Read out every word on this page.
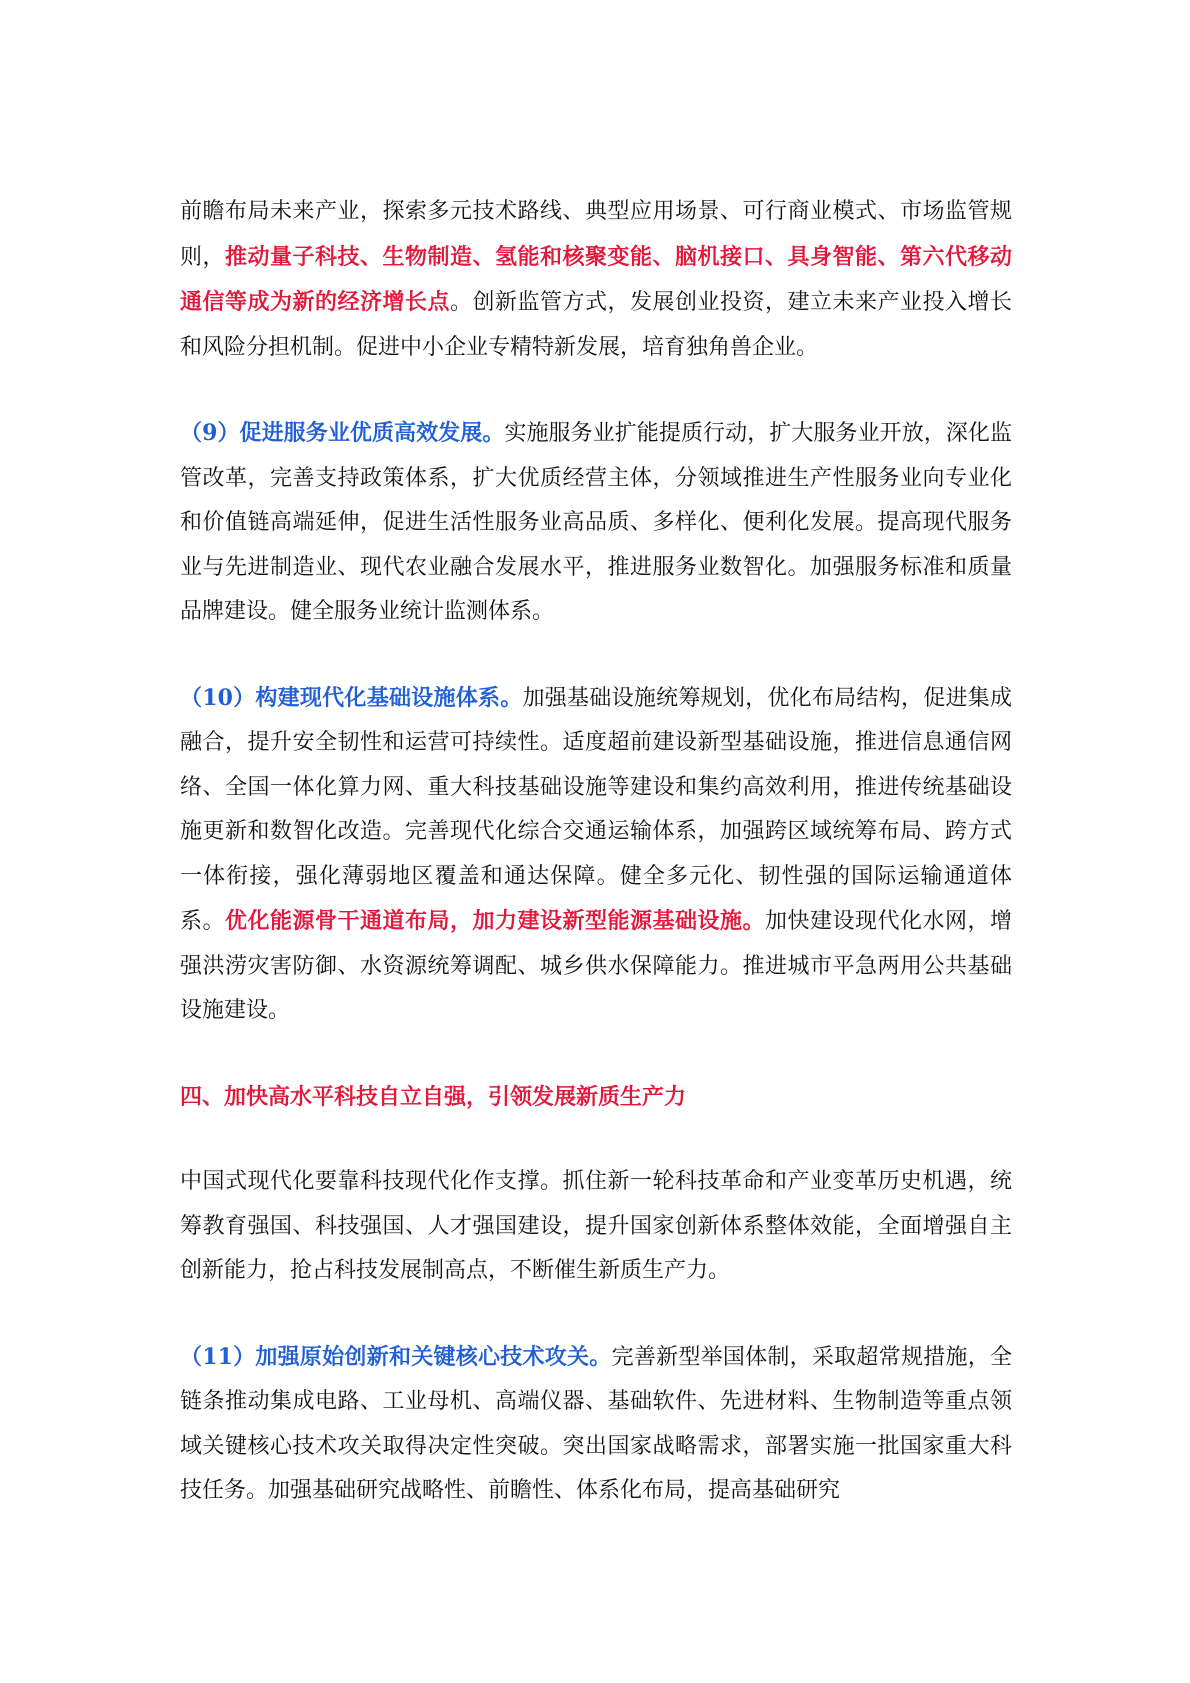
前瞻布局未来产业，探索多元技术路线、典型应用场景、可行商业模式、市场监管规则，推动量子科技、生物制造、氢能和核聚变能、脑机接口、具身智能、第六代移动通信等成为新的经济增长点。创新监管方式，发展创业投资，建立未来产业投入增长和风险分担机制。促进中小企业专精特新发展，培育独角兽企业。

（9）促进服务业优质高效发展。实施服务业扩能提质行动，扩大服务业开放，深化监管改革，完善支持政策体系，扩大优质经营主体，分领域推进生产性服务业向专业化和价值链高端延伸，促进生活性服务业高品质、多样化、便利化发展。提高现代服务业与先进制造业、现代农业融合发展水平，推进服务业数智化。加强服务标准和质量品牌建设。健全服务业统计监测体系。

（10）构建现代化基础设施体系。加强基础设施统筹规划，优化布局结构，促进集成融合，提升安全韧性和运营可持续性。适度超前建设新型基础设施，推进信息通信网络、全国一体化算力网、重大科技基础设施等建设和集约高效利用，推进传统基础设施更新和数智化改造。完善现代化综合交通运输体系，加强跨区域统筹布局、跨方式一体衔接，强化薄弱地区覆盖和通达保障。健全多元化、韧性强的国际运输通道体系。优化能源骨干通道布局，加力建设新型能源基础设施。加快建设现代化水网，增强洪涝灾害防御、水资源统筹调配、城乡供水保障能力。推进城市平急两用公共基础设施建设。

四、加快高水平科技自立自强，引领发展新质生产力

中国式现代化要靠科技现代化作支撑。抓住新一轮科技革命和产业变革历史机遇，统筹教育强国、科技强国、人才强国建设，提升国家创新体系整体效能，全面增强自主创新能力，抢占科技发展制高点，不断催生新质生产力。

（11）加强原始创新和关键核心技术攻关。完善新型举国体制，采取超常规措施，全链条推动集成电路、工业母机、高端仪器、基础软件、先进材料、生物制造等重点领域关键核心技术攻关取得决定性突破。突出国家战略需求，部署实施一批国家重大科技任务。加强基础研究战略性、前瞻性、体系化布局，提高基础研究
